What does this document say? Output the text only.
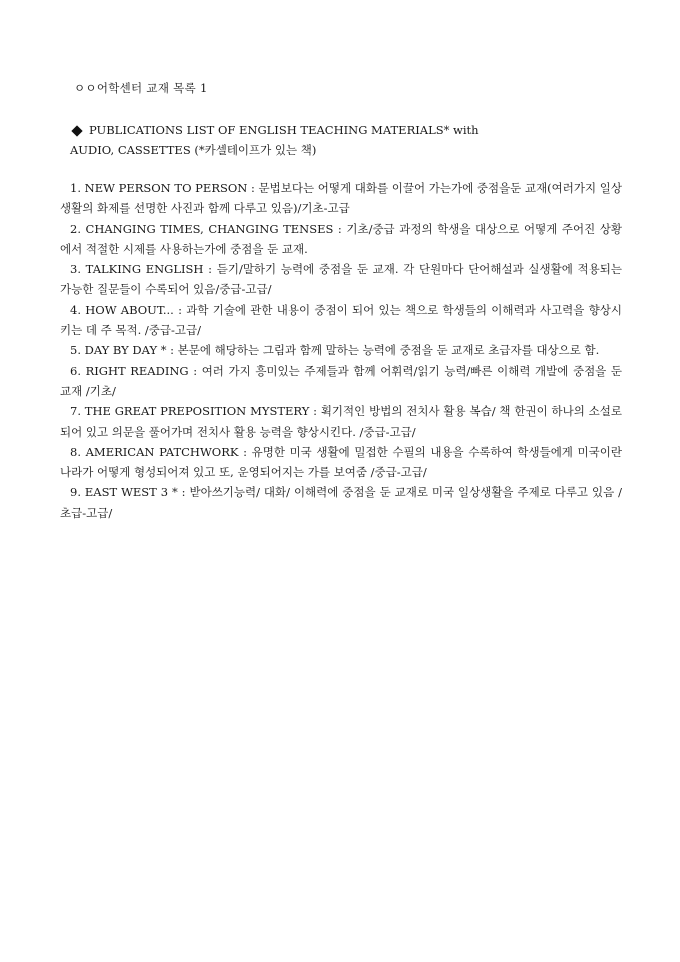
ㅇㅇ어학센터 교재 목록 1
PUBLICATIONS LIST OF ENGLISH TEACHING MATERIALS* with
AUDIO, CASSETTES (*카셀테이프가 있는 책)

1. NEW PERSON TO PERSON : 문법보다는 어떻게 대화를 이끌어 가는가에 중점을둔 교재(여러가지 일상생활의 화제를 선명한 사진과 함께 다루고 있음)/기초-고급

2. CHANGING TIMES, CHANGING TENSES : 기초/중급 과정의 학생을 대상으로 어떻게 주어진 상황에서 적절한 시제를 사용하는가에 중점을 둔 교재.

3. TALKING ENGLISH : 듣기/말하기 능력에 중점을 둔 교재. 각 단원마다 단어해설과 실생활에 적용되는 가능한 질문들이 수록되어 있음/중급-고급/

4. HOW ABOUT... : 과학 기술에 관한 내용이 중점이 되어 있는 책으로 학생들의 이해력과 사고력을 향상시키는 데 주 목적. /중급-고급/

5. DAY BY DAY * : 본문에 해당하는 그림과 함께 말하는 능력에 중점을 둔 교재로 초급자를 대상으로 함.

6. RIGHT READING : 여러 가지 흥미있는 주제들과 함께 어휘력/읽기 능력/빠른 이해력 개발에 중점을 둔 교재 /기초/

7. THE GREAT PREPOSITION MYSTERY : 획기적인 방법의 전치사 활용 복습/ 책 한권이 하나의 소설로 되어 있고 의문을 풀어가며 전치사 활용 능력을 향상시킨다. /중급-고급/

8. AMERICAN PATCHWORK : 유명한 미국 생활에 밀접한 수필의 내용을 수록하여 학생들에게 미국이란 나라가 어떻게 형성되어져 있고 또, 운영되어지는 가를 보여줌 /중급-고급/

9. EAST WEST 3 * : 받아쓰기능력/ 대화/ 이해력에 중점을 둔 교재로 미국 일상생활을 주제로 다루고 있음 /초급-고급/
